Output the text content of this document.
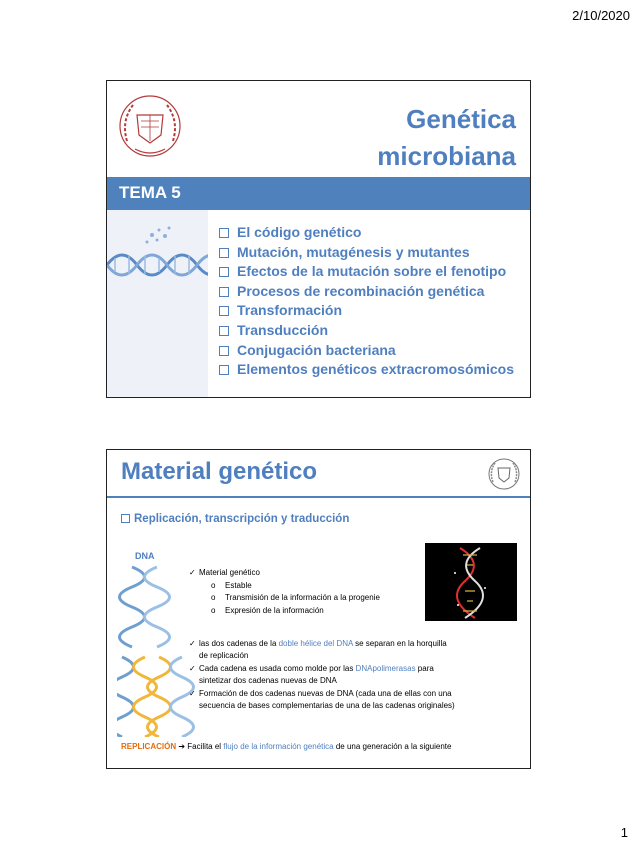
2/10/2020
Genética
microbiana
TEMA 5
El código genético
Mutación, mutagénesis y mutantes
Efectos de la mutación sobre el fenotipo
Procesos de recombinación genética
Transformación
Transducción
Conjugación bacteriana
Elementos genéticos extracromosómicos
Material genético
Replicación, transcripción y traducción
DNA
✓ Material genético
o Estable
o Transmisión de la información a la progenie
o Expresión de la información
✓ las dos cadenas de la doble hélice del DNA se separan en la horquilla
de replicación
✓ Cada cadena es usada como molde por las DNApolimerasas para
sintetizar dos cadenas nuevas de DNA
✓ Formación de dos cadenas nuevas de DNA (cada una de ellas con una
secuencia de bases complementarias de una de las cadenas originales)
REPLICACIÓN ➔ Facilita el flujo de la información genética de una generación a la siguiente
1
